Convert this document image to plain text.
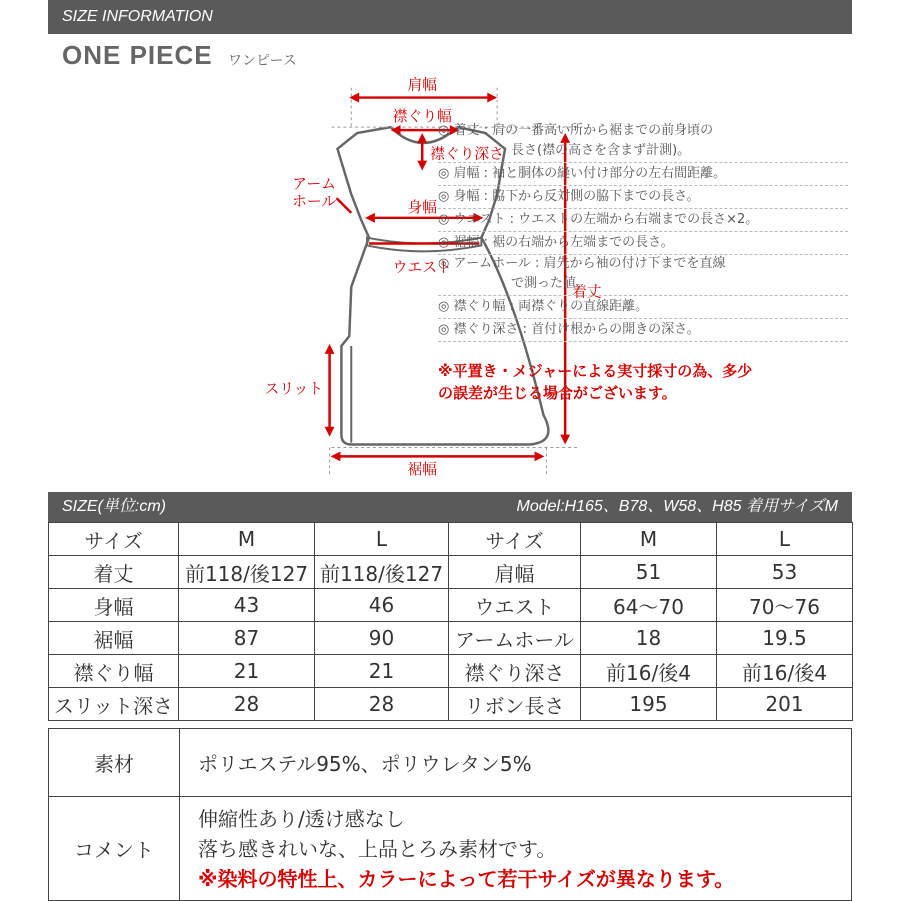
SIZE INFORMATION
ONE PIECE ワンピース
肩幅
襟ぐり幅
襟ぐり深さ
アーム
ホール	身幅
ウエスト
着丈
スリット
裾幅
◎ 着丈 : 肩の一番高い所から裾までの前身頃の
長さ(襟の高さを含まず計測)。
◎ 肩幅 : 袖と胴体の縫い付け部分の左右間距離。
◎ 身幅 : 脇下から反対側の脇下までの長さ。
◎ ウエスト : ウエストの左端から右端までの長さ×2。
◎ 裾幅 : 裾の右端から左端までの長さ。
◎ アームホール : 肩先から袖の付け下までを直線
で測った値。
◎ 襟ぐり幅 : 両襟ぐりの直線距離。
◎ 襟ぐり深さ : 首付け根からの開きの深さ。
※平置き・メジャーによる実寸採寸の為、多少
の誤差が生じる場合がございます。
SIZE(単位:cm)	Model:H165、B78、W58、H85 着用サイズM
サイズ	M	L	サイズ	M	L
着丈	前118/後127	前118/後127	肩幅	51	53
身幅	43	46	ウエスト	64～70	70～76
裾幅	87	90	アームホール	18	19.5
襟ぐり幅	21	21	襟ぐり深さ	前16/後4	前16/後4
スリット深さ	28	28	リボン長さ	195	201
素材	ポリエステル95%、ポリウレタン5%
コメント	伸縮性あり/透け感なし
落ち感きれいな、上品とろみ素材です。
※染料の特性上、カラーによって若干サイズが異なります。
